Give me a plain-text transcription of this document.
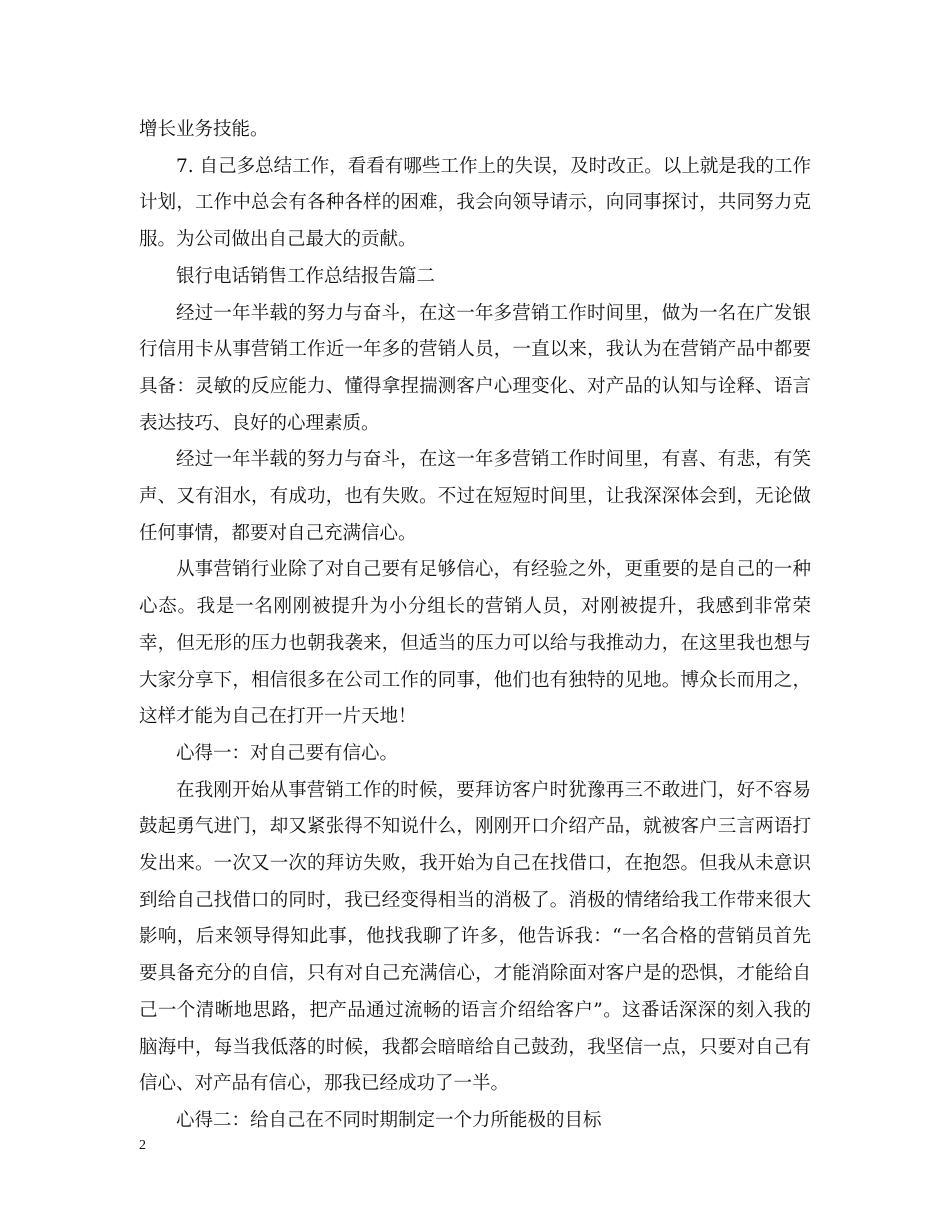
增长业务技能。

7. 自己多总结工作，看看有哪些工作上的失误，及时改正。以上就是我的工作计划，工作中总会有各种各样的困难，我会向领导请示，向同事探讨，共同努力克服。为公司做出自己最大的贡献。

银行电话销售工作总结报告篇二

经过一年半载的努力与奋斗，在这一年多营销工作时间里，做为一名在广发银行信用卡从事营销工作近一年多的营销人员，一直以来，我认为在营销产品中都要具备：灵敏的反应能力、懂得拿捏揣测客户心理变化、对产品的认知与诠释、语言表达技巧、良好的心理素质。

经过一年半载的努力与奋斗，在这一年多营销工作时间里，有喜、有悲，有笑声、又有泪水，有成功，也有失败。不过在短短时间里，让我深深体会到，无论做任何事情，都要对自己充满信心。

从事营销行业除了对自己要有足够信心，有经验之外，更重要的是自己的一种心态。我是一名刚刚被提升为小分组长的营销人员，对刚被提升，我感到非常荣幸，但无形的压力也朝我袭来，但适当的压力可以给与我推动力，在这里我也想与大家分享下，相信很多在公司工作的同事，他们也有独特的见地。博众长而用之，这样才能为自己在打开一片天地！

心得一：对自己要有信心。

在我刚开始从事营销工作的时候，要拜访客户时犹豫再三不敢进门，好不容易鼓起勇气进门，却又紧张得不知说什么，刚刚开口介绍产品，就被客户三言两语打发出来。一次又一次的拜访失败，我开始为自己在找借口，在抱怨。但我从未意识到给自己找借口的同时，我已经变得相当的消极了。消极的情绪给我工作带来很大影响，后来领导得知此事，他找我聊了许多，他告诉我：“一名合格的营销员首先要具备充分的自信，只有对自己充满信心，才能消除面对客户是的恐惧，才能给自己一个清晰地思路，把产品通过流畅的语言介绍给客户”。这番话深深的刻入我的脑海中，每当我低落的时候，我都会暗暗给自己鼓劲，我坚信一点，只要对自己有信心、对产品有信心，那我已经成功了一半。

心得二：给自己在不同时期制定一个力所能极的目标

2
